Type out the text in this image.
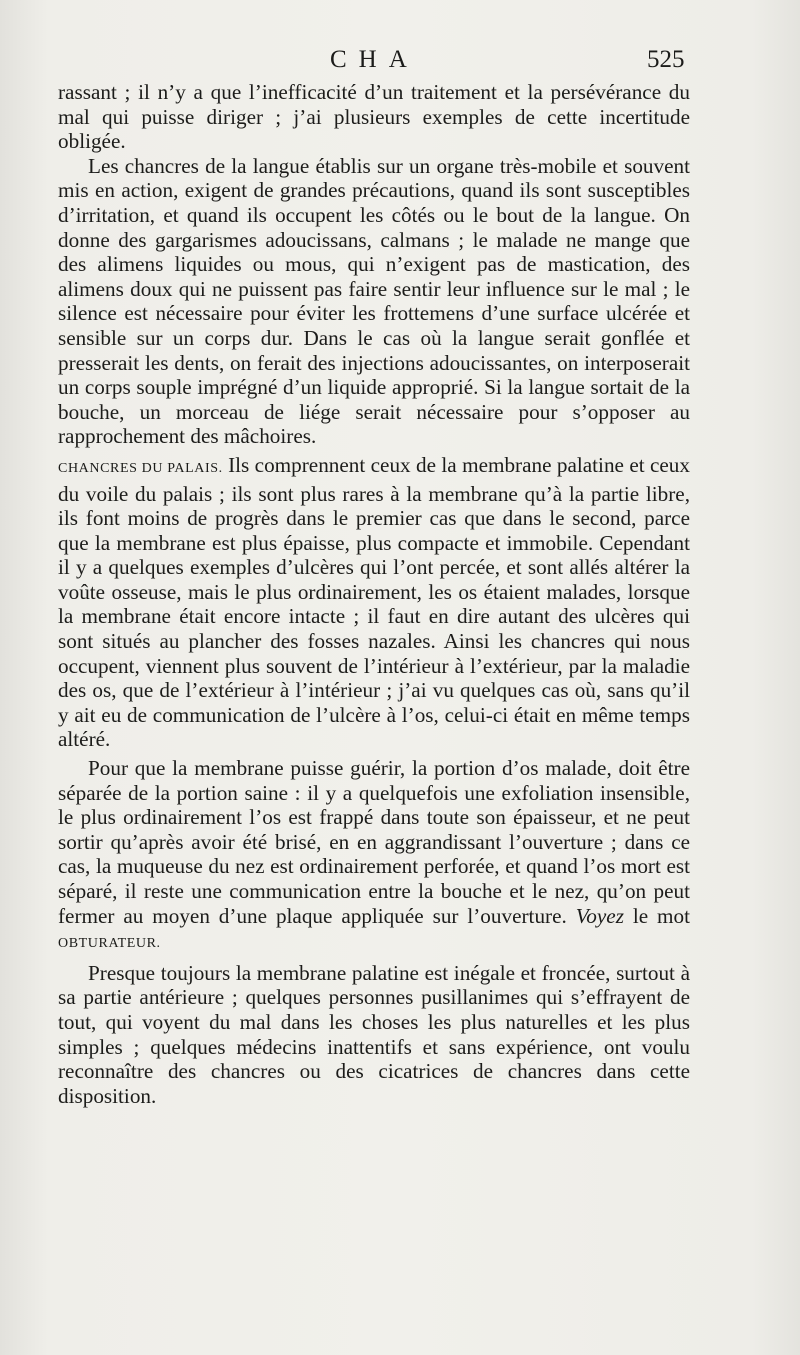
CHA	525

rassant ; il n’y a que l’inefficacité d’un traitement et la persévérance du mal qui puisse diriger ; j’ai plusieurs exemples de cette incertitude obligée.

Les chancres de la langue établis sur un organe très-mobile et souvent mis en action, exigent de grandes précautions, quand ils sont susceptibles d’irritation, et quand ils occupent les côtés ou le bout de la langue. On donne des gargarismes adoucissans, calmans ; le malade ne mange que des alimens liquides ou mous, qui n’exigent pas de mastication, des alimens doux qui ne puissent pas faire sentir leur influence sur le mal ; le silence est nécessaire pour éviter les frottemens d’une surface ulcérée et sensible sur un corps dur. Dans le cas où la langue serait gonflée et presserait les dents, on ferait des injections adoucissantes, on interposerait un corps souple imprégné d’un liquide approprié. Si la langue sortait de la bouche, un morceau de liége serait nécessaire pour s’opposer au rapprochement des mâchoires.

CHANCRES DU PALAIS. Ils comprennent ceux de la membrane palatine et ceux du voile du palais ; ils sont plus rares à la membrane qu’à la partie libre, ils font moins de progrès dans le premier cas que dans le second, parce que la membrane est plus épaisse, plus compacte et immobile. Cependant il y a quelques exemples d’ulcères qui l’ont percée, et sont allés altérer la voûte osseuse, mais le plus ordinairement, les os étaient malades, lorsque la membrane était encore intacte ; il faut en dire autant des ulcères qui sont situés au plancher des fosses nazales. Ainsi les chancres qui nous occupent, viennent plus souvent de l’intérieur à l’extérieur, par la maladie des os, que de l’extérieur à l’intérieur ; j’ai vu quelques cas où, sans qu’il y ait eu de communication de l’ulcère à l’os, celui-ci était en même temps altéré.

Pour que la membrane puisse guérir, la portion d’os malade, doit être séparée de la portion saine : il y a quelquefois une exfoliation insensible, le plus ordinairement l’os est frappé dans toute son épaisseur, et ne peut sortir qu’après avoir été brisé, en en aggrandissant l’ouverture ; dans ce cas, la muqueuse du nez est ordinairement perforée, et quand l’os mort est séparé, il reste une communication entre la bouche et le nez, qu’on peut fermer au moyen d’une plaque appliquée sur l’ouverture. Voyez le mot OBTURATEUR.

Presque toujours la membrane palatine est inégale et froncée, surtout à sa partie antérieure ; quelques personnes pusillanimes qui s’effrayent de tout, qui voyent du mal dans les choses les plus naturelles et les plus simples ; quelques médecins inattentifs et sans expérience, ont voulu reconnaître des chancres ou des cicatrices de chancres dans cette disposition.
